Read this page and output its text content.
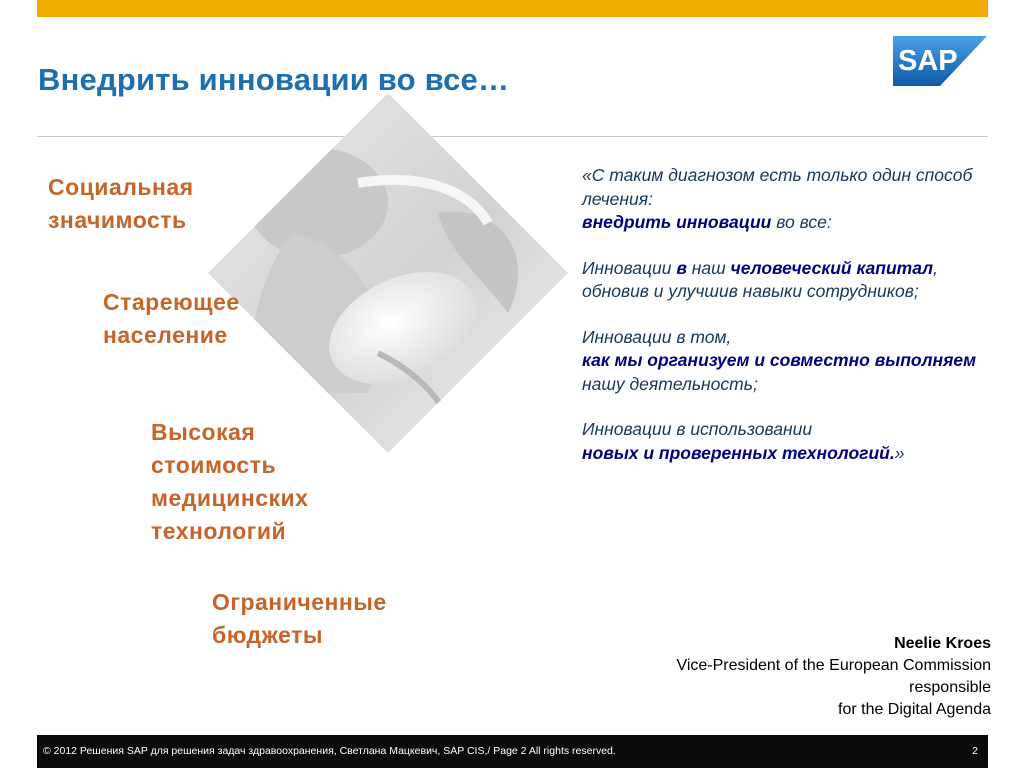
Внедрить инновации во все…
SAP
®
Социальная
значимость
Стареющее
население
Высокая
стоимость
медицинских
технологий
Ограниченные
бюджеты

«С таким диагнозом есть только один способ лечения:
внедрить инновации во все:

Инновации в наш человеческий капитал, обновив и улучшив навыки сотрудников;

Инновации в том,
как мы организуем и совместно выполняем нашу деятельность;

Инновации в использовании
новых и проверенных технологий.»

Neelie Kroes
Vice-President of the European Commission
responsible
for the Digital Agenda
© 2012 Решения SAP для решения задач здравоохранения, Светлана Мацкевич, SAP CIS,/ Page 2 All rights reserved.	2
